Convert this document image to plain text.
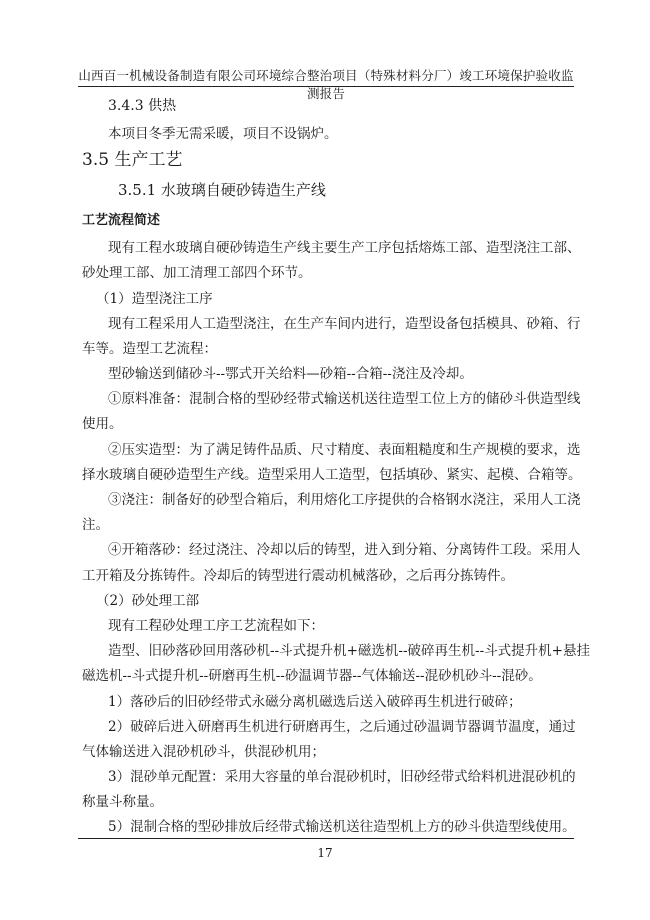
山西百一机械设备制造有限公司环境综合整治项目（特殊材料分厂）竣工环境保护验收监测报告
3.4.3 供热
本项目冬季无需采暖，项目不设锅炉。
3.5 生产工艺
3.5.1 水玻璃自硬砂铸造生产线
工艺流程简述
现有工程水玻璃自硬砂铸造生产线主要生产工序包括熔炼工部、造型浇注工部、
砂处理工部、加工清理工部四个环节。
（1）造型浇注工序
现有工程采用人工造型浇注，在生产车间内进行，造型设备包括模具、砂箱、行
车等。造型工艺流程：
型砂输送到储砂斗--鄂式开关给料—砂箱--合箱--浇注及冷却。
①原料准备：混制合格的型砂经带式输送机送往造型工位上方的储砂斗供造型线
使用。
②压实造型：为了满足铸件品质、尺寸精度、表面粗糙度和生产规模的要求，选
择水玻璃自硬砂造型生产线。造型采用人工造型，包括填砂、紧实、起模、合箱等。
③浇注：制备好的砂型合箱后，利用熔化工序提供的合格钢水浇注，采用人工浇
注。
④开箱落砂：经过浇注、冷却以后的铸型，进入到分箱、分离铸件工段。采用人
工开箱及分拣铸件。冷却后的铸型进行震动机械落砂，之后再分拣铸件。
（2）砂处理工部
现有工程砂处理工序工艺流程如下：
造型、旧砂落砂回用落砂机--斗式提升机+磁选机--破碎再生机--斗式提升机+悬挂
磁选机--斗式提升机--研磨再生机--砂温调节器--气体输送--混砂机砂斗--混砂。
1）落砂后的旧砂经带式永磁分离机磁选后送入破碎再生机进行破碎；
2）破碎后进入研磨再生机进行研磨再生，之后通过砂温调节器调节温度，通过
气体输送进入混砂机砂斗，供混砂机用；
3）混砂单元配置：采用大容量的单台混砂机时，旧砂经带式给料机进混砂机的
称量斗称量。
5）混制合格的型砂排放后经带式输送机送往造型机上方的砂斗供造型线使用。
17
